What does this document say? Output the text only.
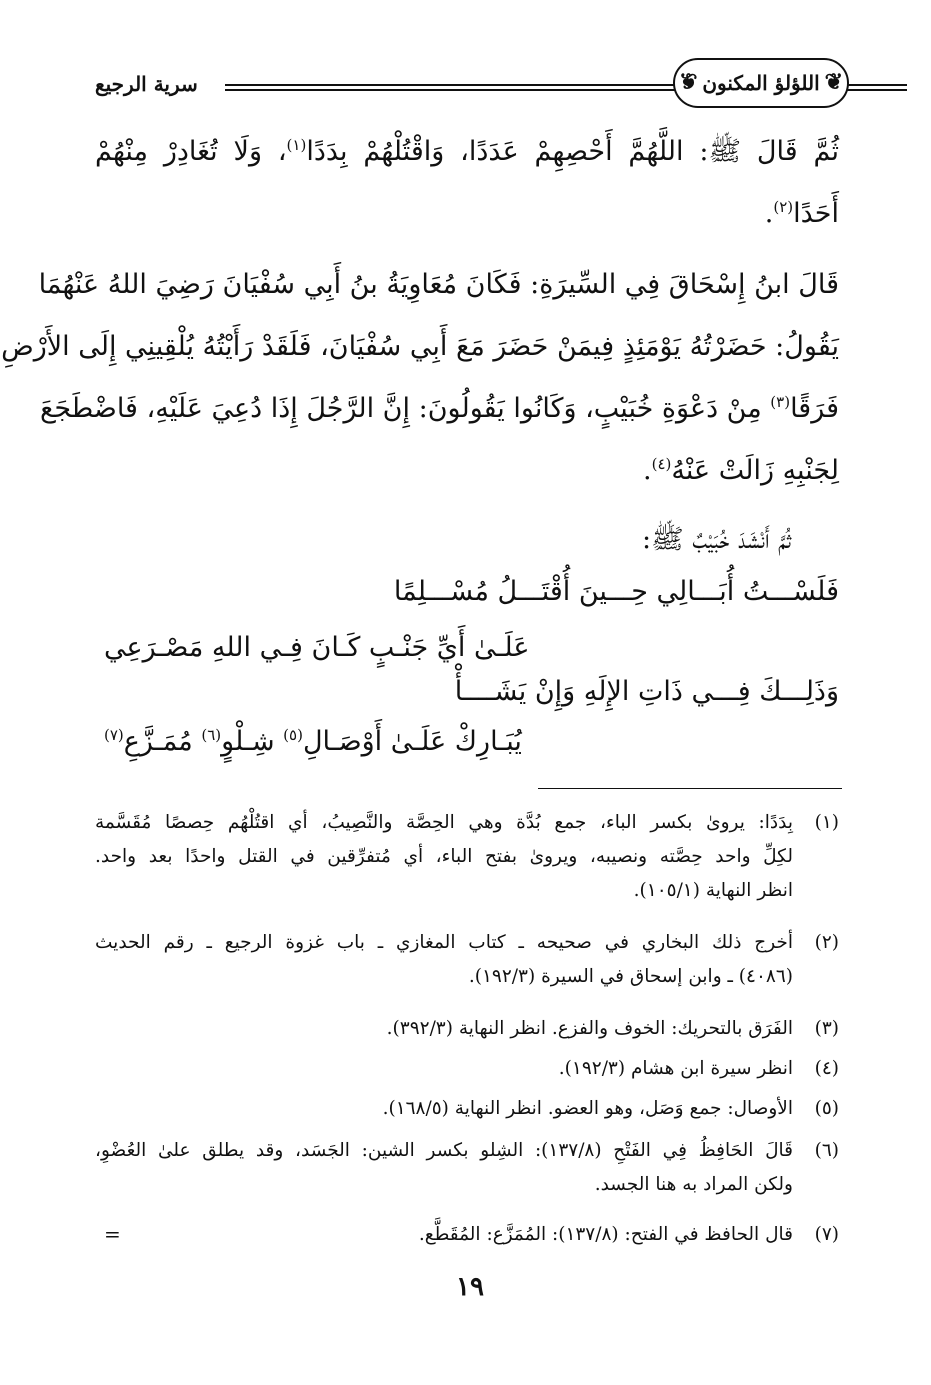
سرية الرجيع
❦	اللؤلؤ المكنون
❦
ثُمَّ قَالَ ﷺ: اللَّهُمَّ أَحْصِهِمْ عَدَدًا، وَاقْتُلْهُمْ بِدَدًا$^{(١)}$، وَلَا تُغَادِرْ مِنْهُمْ
أَحَدًا$^{(٢)}$.
قَالَ ابنُ إِسْحَاقَ فِي السِّيرَةِ: فَكَانَ مُعَاوِيَةُ بنُ أَبِي سُفْيَانَ رَضِيَ اللهُ عَنْهُمَا
يَقُولُ: حَضَرْتُهُ يَوْمَئِذٍ فِيمَنْ حَضَرَ مَعَ أَبِي سُفْيَانَ، فَلَقَدْ رَأَيْتُهُ يُلْقِينِي إِلَى الأَرْضِ
فَرَقًا$^{(٣)}$ مِنْ دَعْوَةِ خُبَيْبٍ، وَكَانُوا يَقُولُونَ: إِنَّ الرَّجُلَ إِذَا دُعِيَ عَلَيْهِ، فَاضْطَجَعَ
لِجَنْبِهِ زَالَتْ عَنْهُ$^{(٤)}$.
ثُمَّ أَنْشَدَ خُبَيْبٌ ﷺ:
فَلَسْـــتُ أُبَـــالِي حِـــينَ أُقْتَـــلُ مُسْـــلِمًا
عَلَـىٰ أَيِّ جَنْـبٍ كَـانَ فِـي اللهِ مَصْـرَعِي
وَذَلِـــكَ فِـــي ذَاتِ الإِلَهِ وَإِنْ يَشَــــأْ
يُبَـارِكْ عَلَـىٰ أَوْصَـالِ$^{(٥)}$ شِـلْوٍ$^{(٦)}$ مُمَـزَّعِ$^{(٧)}$
(١)
بِدَدًا: يروىٰ بكسر الباء، جمع بُدَّة وهي الحِصَّة والنَّصِيبُ، أي اقتُلْهُم حِصصًا مُقَسَّمة
لكِلِّ واحد حِصَّته ونصيبه، ويروىٰ بفتح الباء، أي مُتفرِّقين في القتل واحدًا بعد واحد.
انظر النهاية (١٠٥/١).
(٢)
أخرج ذلك البخاري في صحيحه ـ كتاب المغازي ـ باب غزوة الرجيع ـ رقم الحديث
(٤٠٨٦) ـ وابن إسحاق في السيرة (١٩٢/٣).
(٣)
الفَرَق بالتحريك: الخوف والفزع. انظر النهاية (٣٩٢/٣).
(٤)
انظر سيرة ابن هشام (١٩٢/٣).
(٥)
الأوصال: جمع وَصَل، وهو العضو. انظر النهاية (١٦٨/٥).
(٦)
قَالَ الحَافِظُ فِي الفَتْحِ (١٣٧/٨): الشِلو بكسر الشين: الجَسَد، وقد يطلق علىٰ العُضْوِ،
ولكن المراد به هنا الجسد.
(٧)
قال الحافظ في الفتح: (١٣٧/٨): المُمَزَّع: المُقَطَّع.
=
١٩
